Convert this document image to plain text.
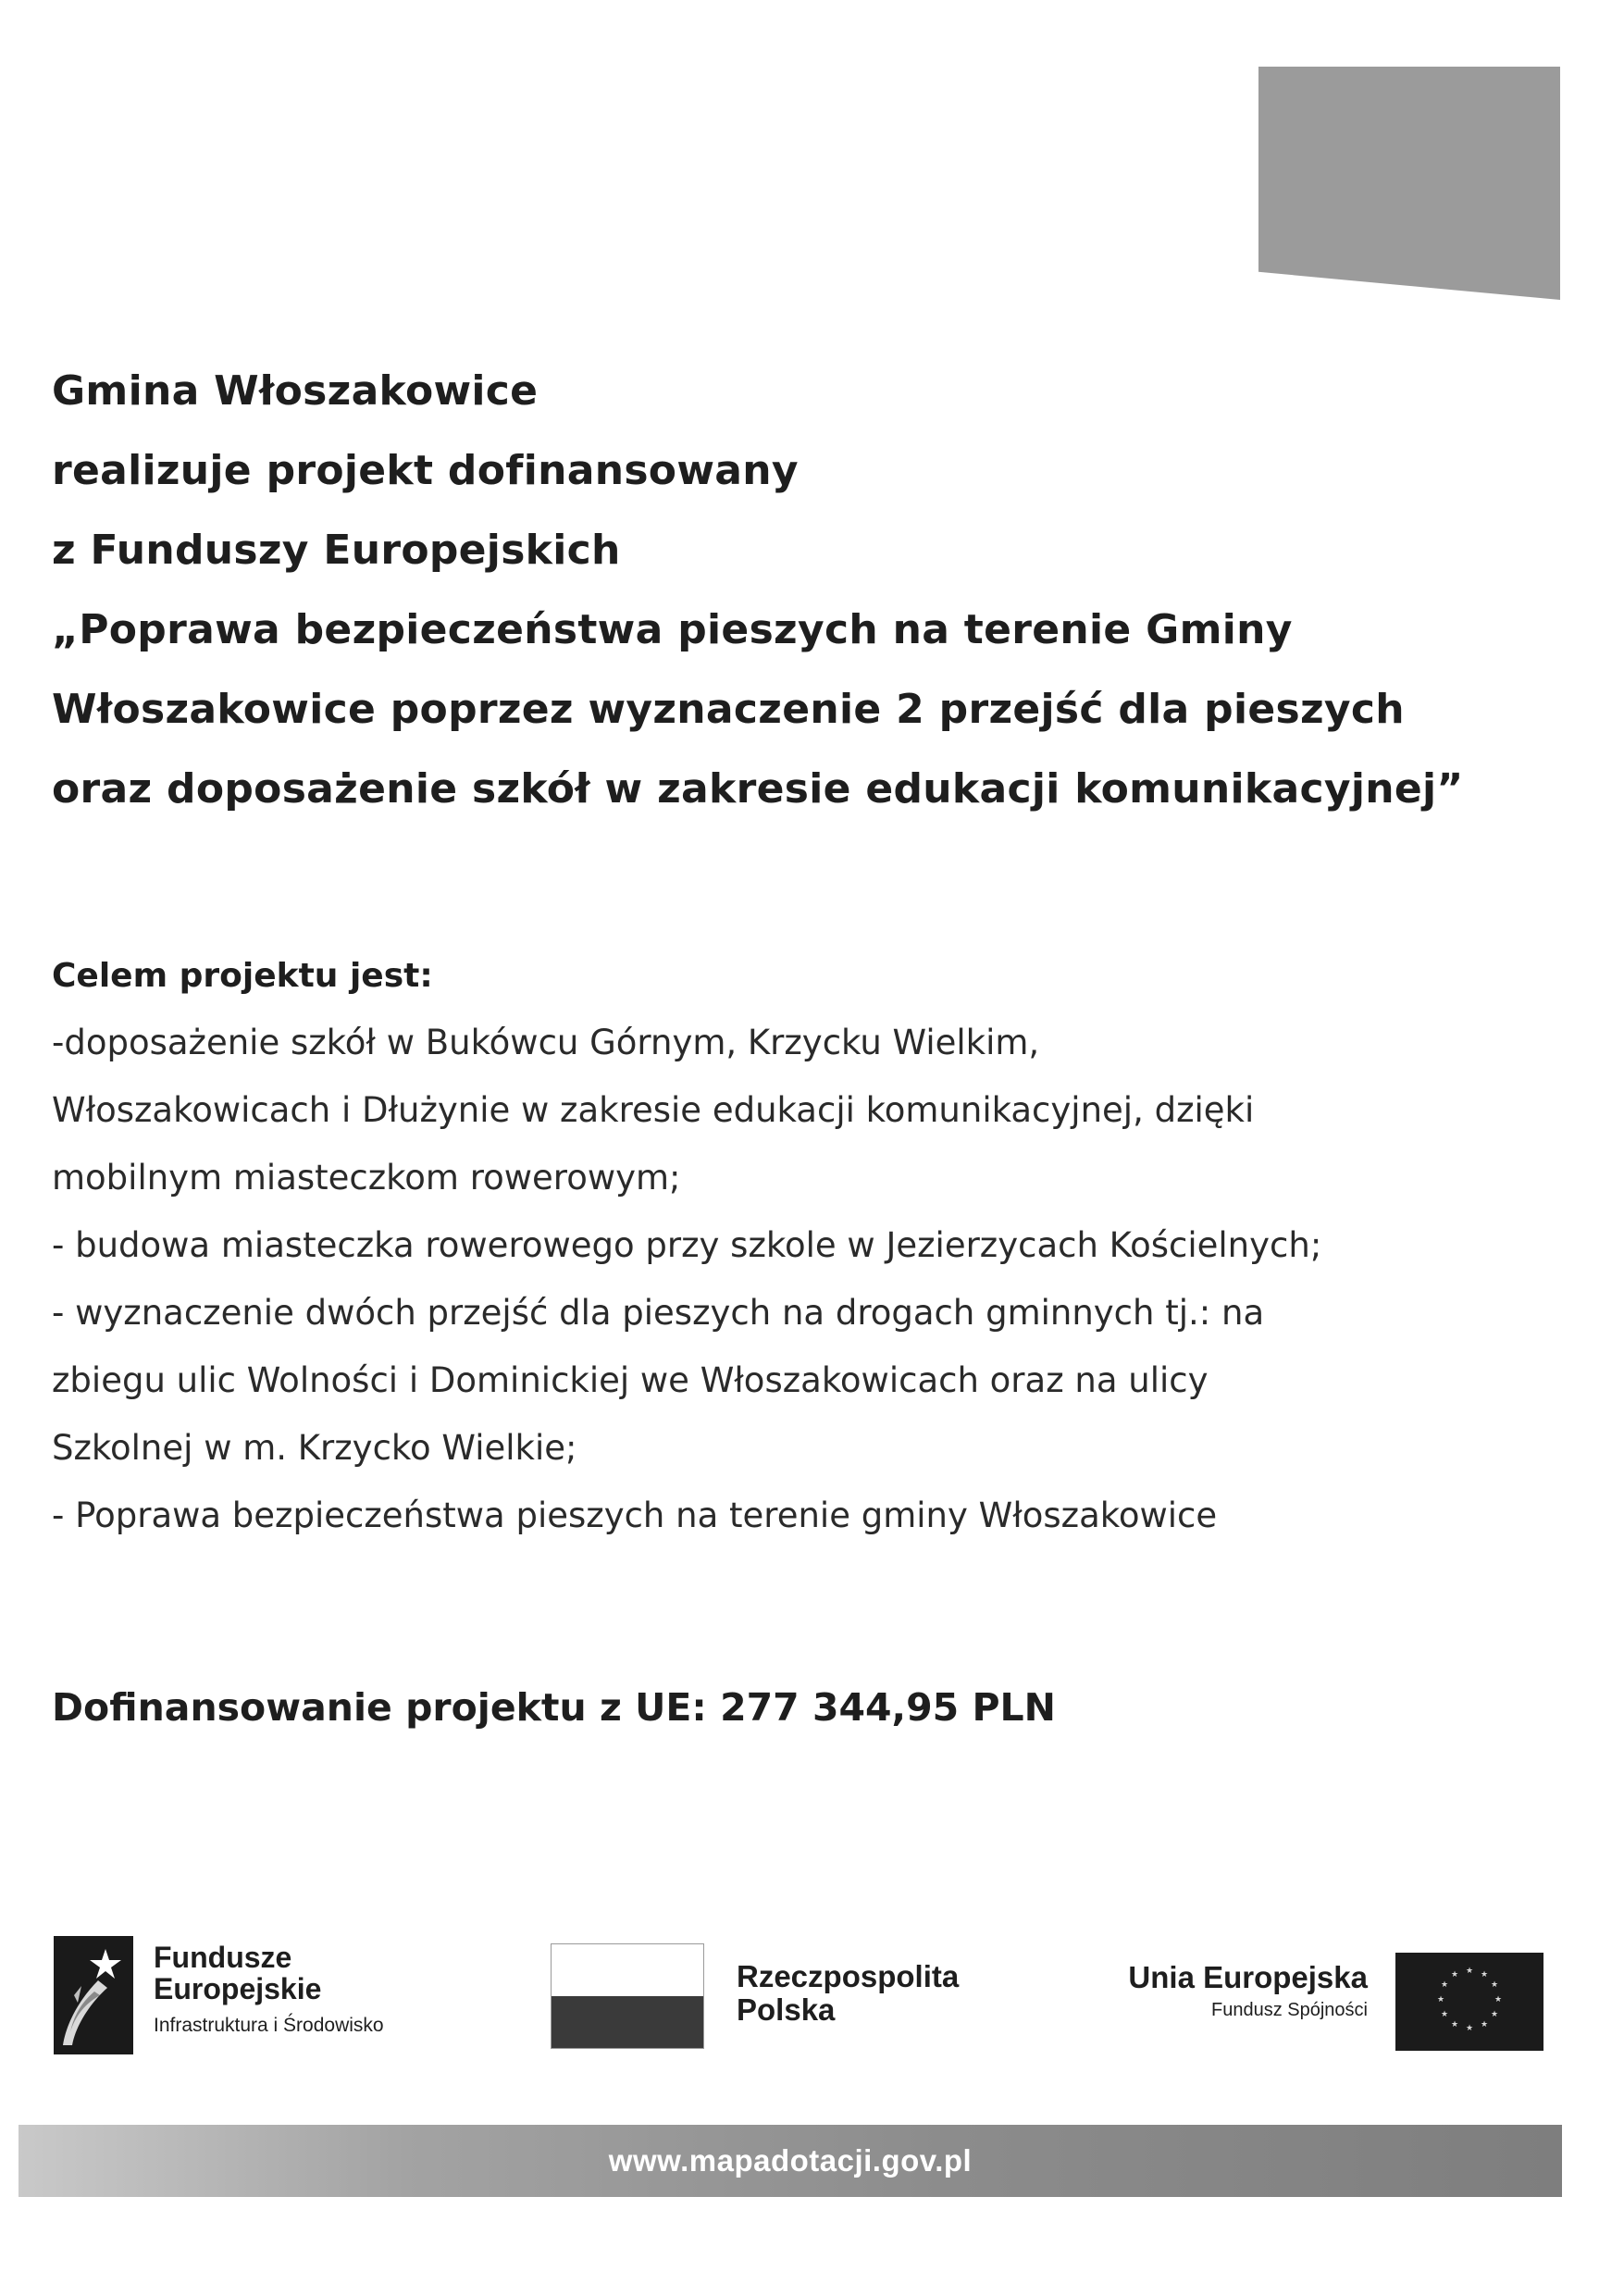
Gmina Włoszakowice
realizuje projekt dofinansowany
z Funduszy Europejskich
„Poprawa bezpieczeństwa pieszych na terenie Gminy
Włoszakowice poprzez wyznaczenie 2 przejść dla pieszych
oraz doposażenie szkół w zakresie edukacji komunikacyjnej”
Celem projektu jest:
-doposażenie szkół w Bukówcu Górnym, Krzycku Wielkim,
Włoszakowicach i Dłużynie w zakresie edukacji komunikacyjnej, dzięki
mobilnym miasteczkom rowerowym;
- budowa miasteczka rowerowego przy szkole w Jezierzycach Kościelnych;
- wyznaczenie dwóch przejść dla pieszych na drogach gminnych tj.: na
zbiegu ulic Wolności i Dominickiej we Włoszakowicach oraz na ulicy
Szkolnej w m. Krzycko Wielkie;
- Poprawa bezpieczeństwa pieszych na terenie gminy Włoszakowice

Dofinansowanie projektu z UE: 277 344,95 PLN

Fundusze
Europejskie
Infrastruktura i Środowisko
Rzeczpospolita
Polska
Unia Europejska
Fundusz Spójności
★ ★
★
★
★
★
★
★
★
★
★
★
www.mapadotacji.gov.pl
